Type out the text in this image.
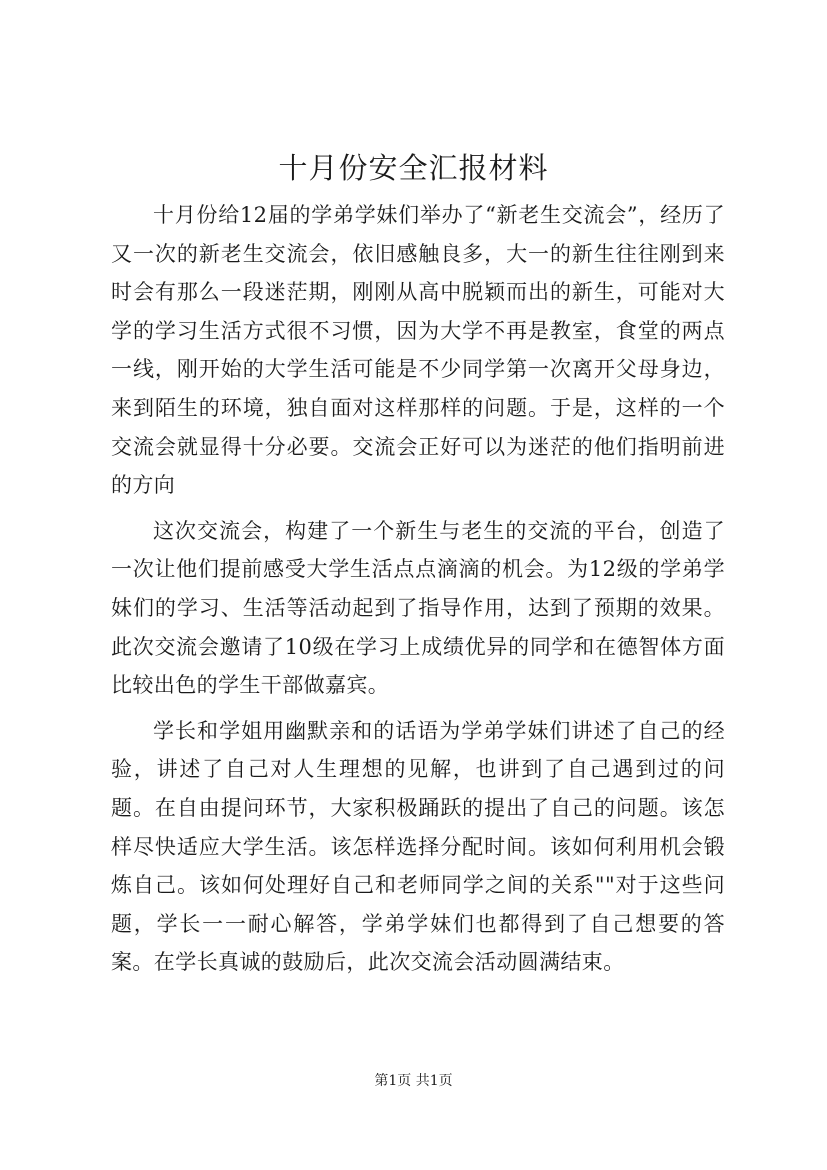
十月份安全汇报材料

十月份给12届的学弟学妹们举办了“新老生交流会”，经历了又一次的新老生交流会，依旧感触良多，大一的新生往往刚到来时会有那么一段迷茫期，刚刚从高中脱颖而出的新生，可能对大学的学习生活方式很不习惯，因为大学不再是教室，食堂的两点一线，刚开始的大学生活可能是不少同学第一次离开父母身边，来到陌生的环境，独自面对这样那样的问题。于是，这样的一个交流会就显得十分必要。交流会正好可以为迷茫的他们指明前进的方向

这次交流会，构建了一个新生与老生的交流的平台，创造了一次让他们提前感受大学生活点点滴滴的机会。为12级的学弟学妹们的学习、生活等活动起到了指导作用，达到了预期的效果。此次交流会邀请了10级在学习上成绩优异的同学和在德智体方面比较出色的学生干部做嘉宾。

学长和学姐用幽默亲和的话语为学弟学妹们讲述了自己的经验，讲述了自己对人生理想的见解，也讲到了自己遇到过的问题。在自由提问环节，大家积极踊跃的提出了自己的问题。该怎样尽快适应大学生活。该怎样选择分配时间。该如何利用机会锻炼自己。该如何处理好自己和老师同学之间的关系""对于这些问题，学长一一耐心解答，学弟学妹们也都得到了自己想要的答案。在学长真诚的鼓励后，此次交流会活动圆满结束。

第1页 共1页
